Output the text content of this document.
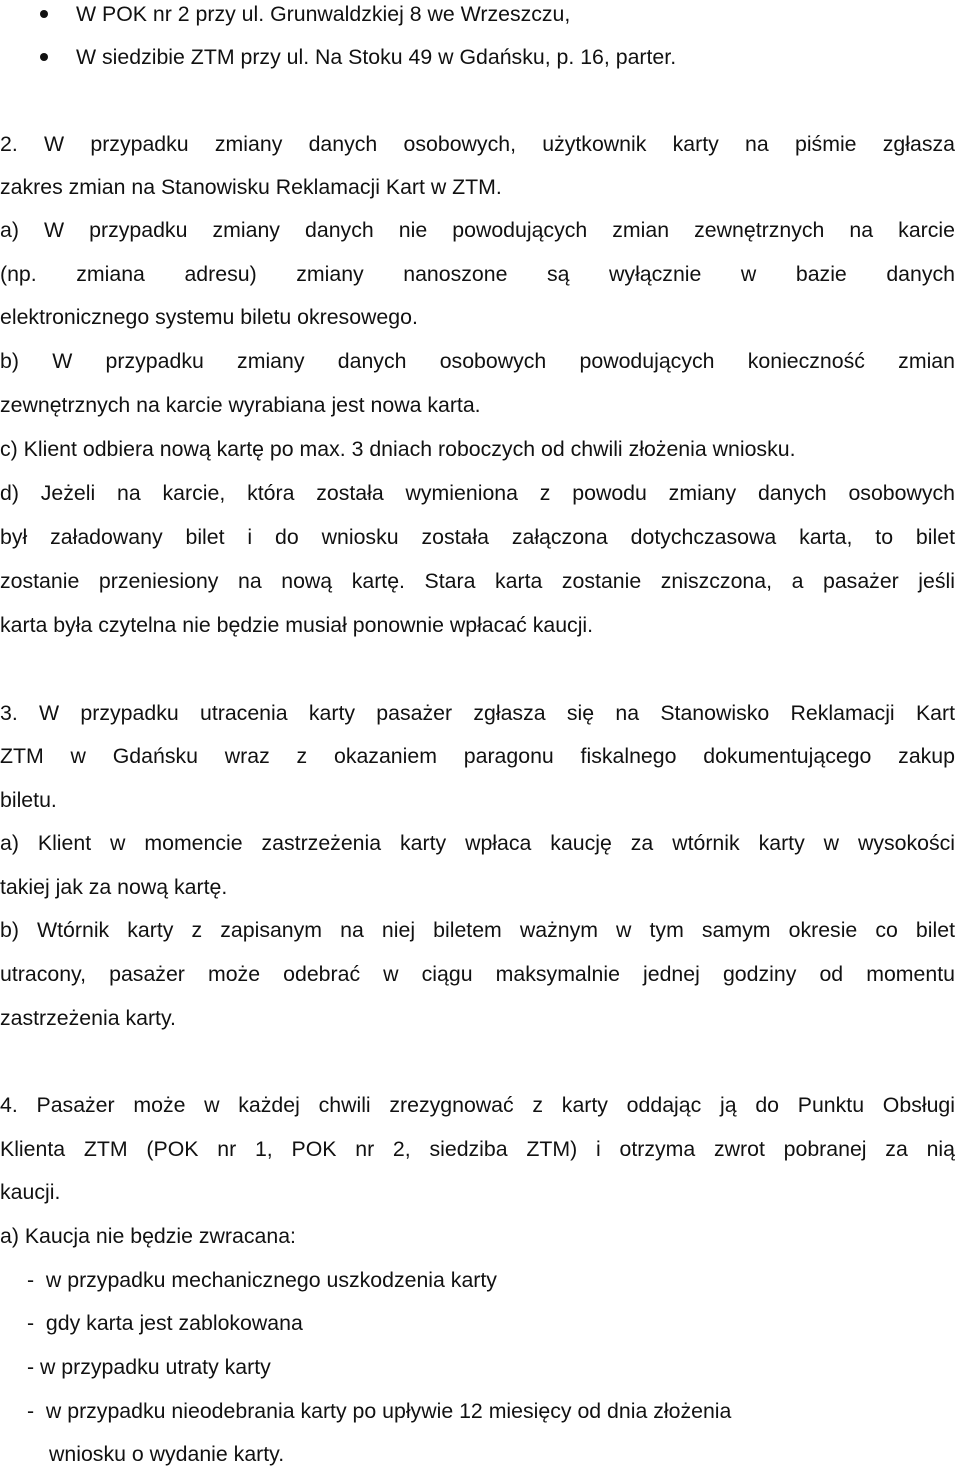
W POK nr 2 przy ul. Grunwaldzkiej 8 we Wrzeszczu,
W siedzibie ZTM przy ul. Na Stoku 49 w Gdańsku, p. 16, parter.

2. W przypadku zmiany danych osobowych, użytkownik karty na piśmie zgłasza

zakres zmian na Stanowisku Reklamacji Kart w ZTM.

a) W przypadku zmiany danych nie powodujących zmian zewnętrznych na karcie

(np. zmiana adresu) zmiany nanoszone są wyłącznie w bazie danych

elektronicznego systemu biletu okresowego.

b) W przypadku zmiany danych osobowych powodujących konieczność zmian

zewnętrznych na karcie wyrabiana jest nowa karta.

c) Klient odbiera nową kartę po max. 3 dniach roboczych od chwili złożenia wniosku.

d) Jeżeli na karcie, która została wymieniona z powodu zmiany danych osobowych

był załadowany bilet i do wniosku została załączona dotychczasowa karta, to bilet

zostanie przeniesiony na nową kartę. Stara karta zostanie zniszczona, a pasażer jeśli

karta była czytelna nie będzie musiał ponownie wpłacać kaucji.

3. W przypadku utracenia karty pasażer zgłasza się na Stanowisko Reklamacji Kart

ZTM w Gdańsku wraz z okazaniem paragonu fiskalnego dokumentującego zakup

biletu.

a) Klient w momencie zastrzeżenia karty wpłaca kaucję za wtórnik karty w wysokości

takiej jak za nową kartę.

b) Wtórnik karty z zapisanym na niej biletem ważnym w tym samym okresie co bilet

utracony, pasażer może odebrać w ciągu maksymalnie jednej godziny od momentu

zastrzeżenia karty.

4. Pasażer może w każdej chwili zrezygnować z karty oddając ją do Punktu Obsługi

Klienta ZTM (POK nr 1, POK nr 2, siedziba ZTM) i otrzyma zwrot pobranej za nią

kaucji.

a) Kaucja nie będzie zwracana:

-  w przypadku mechanicznego uszkodzenia karty

-  gdy karta jest zablokowana

- w przypadku utraty karty

-  w przypadku nieodebrania karty po upływie 12 miesięcy od dnia złożenia

wniosku o wydanie karty.
